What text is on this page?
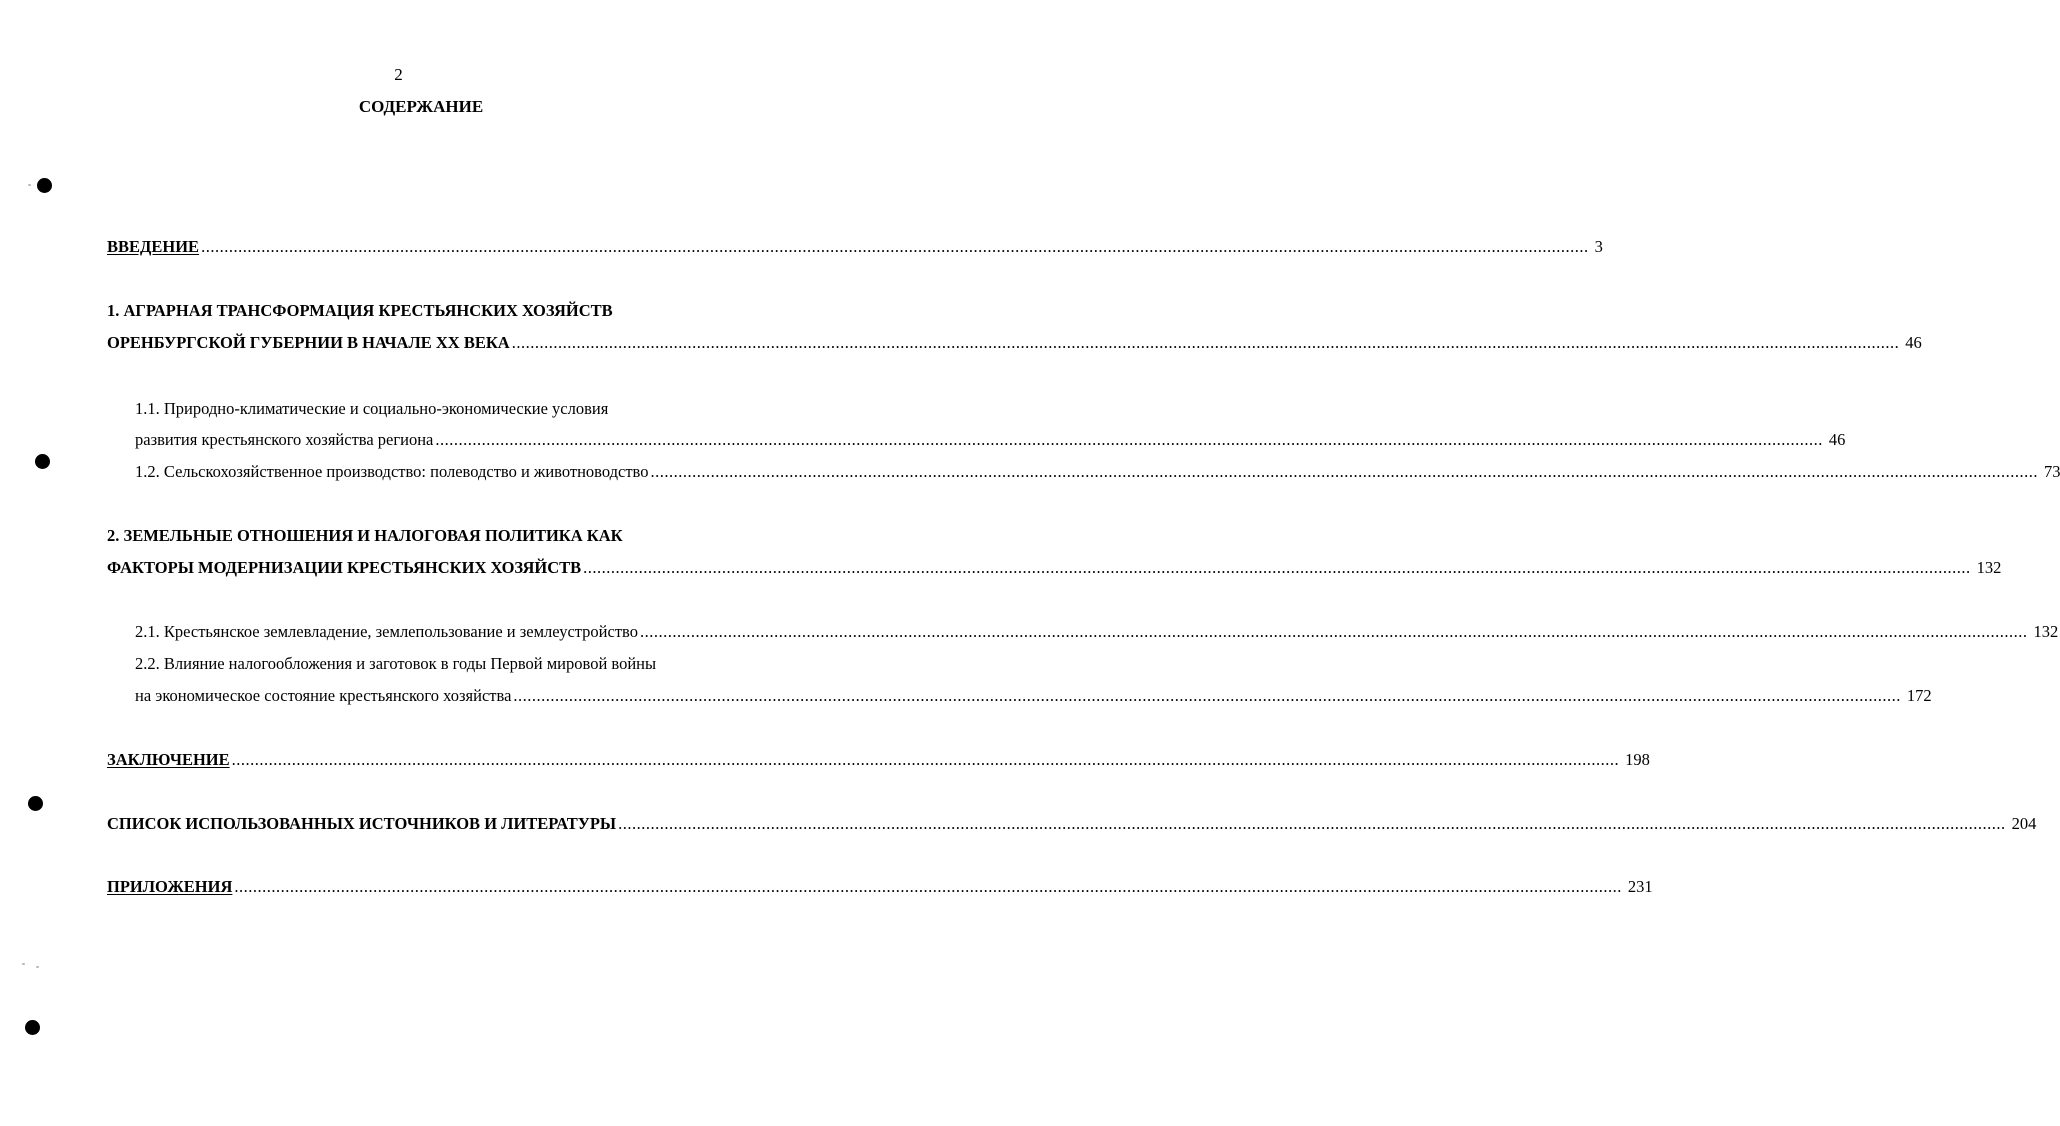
2
СОДЕРЖАНИЕ
ВВЕДЕНИЕ ............................................................................................................................................................................................................................................................................................................ 3
1. АГРАРНАЯ ТРАНСФОРМАЦИЯ КРЕСТЬЯНСКИХ ХОЗЯЙСТВ
ОРЕНБУРГСКОЙ ГУБЕРНИИ В НАЧАЛЕ XX ВЕКА ............................................................................................................................................................................................................................................................................................................ 46
1.1. Природно-климатические и социально-экономические условия
развития крестьянского хозяйства региона ............................................................................................................................................................................................................................................................................................................ 46
1.2. Сельскохозяйственное производство: полеводство и животноводство ............................................................................................................................................................................................................................................................................................................ 73
2. ЗЕМЕЛЬНЫЕ ОТНОШЕНИЯ И НАЛОГОВАЯ ПОЛИТИКА КАК
ФАКТОРЫ МОДЕРНИЗАЦИИ КРЕСТЬЯНСКИХ ХОЗЯЙСТВ ............................................................................................................................................................................................................................................................................................................ 132
2.1. Крестьянское землевладение, землепользование и землеустройство ............................................................................................................................................................................................................................................................................................................ 132
2.2. Влияние налогообложения и заготовок в годы Первой мировой войны
на экономическое состояние крестьянского хозяйства ............................................................................................................................................................................................................................................................................................................ 172
ЗАКЛЮЧЕНИЕ ............................................................................................................................................................................................................................................................................................................ 198
СПИСОК ИСПОЛЬЗОВАННЫХ ИСТОЧНИКОВ И ЛИТЕРАТУРЫ ............................................................................................................................................................................................................................................................................................................ 204
ПРИЛОЖЕНИЯ ............................................................................................................................................................................................................................................................................................................ 231
